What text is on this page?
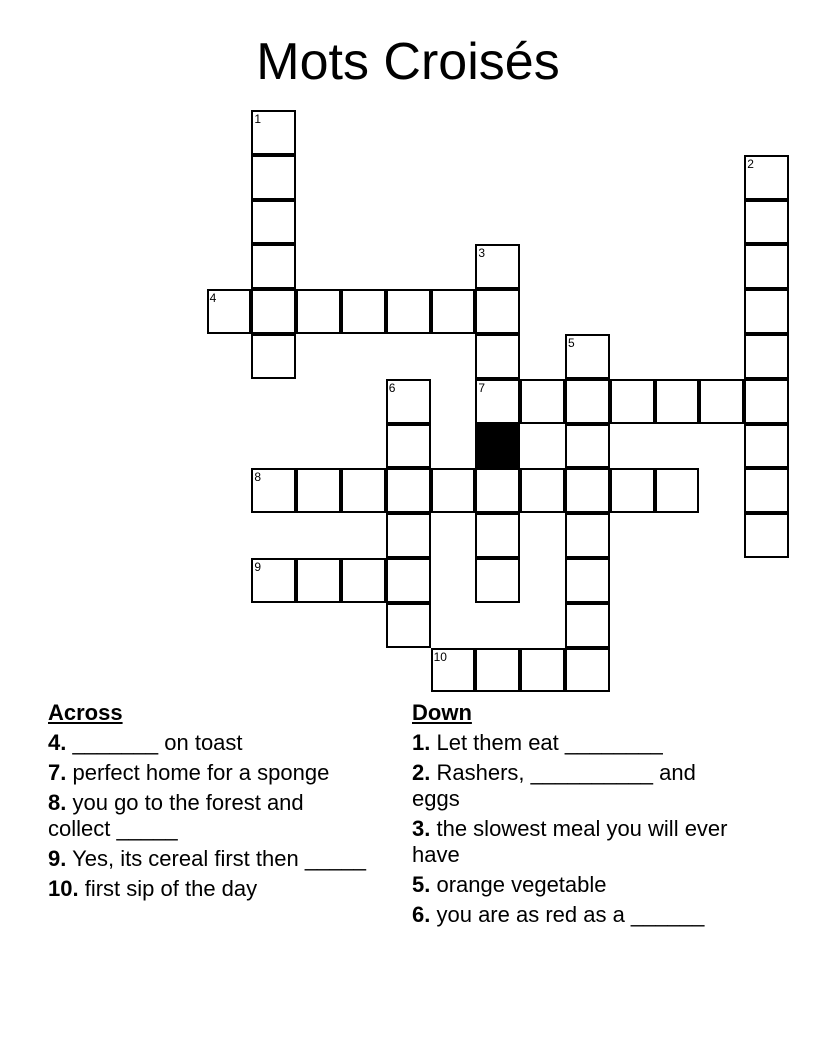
Mots Croisés
1
4
3
7
2
5
6
8
9
10
Across
4. _______ on toast
7. perfect home for a sponge
8. you go to the forest and collect _____
9. Yes, its cereal first then _____
10. first sip of the day
Down
1. Let them eat ________
2. Rashers, __________ and eggs
3. the slowest meal you will ever have
5. orange vegetable
6. you are as red as a ______
